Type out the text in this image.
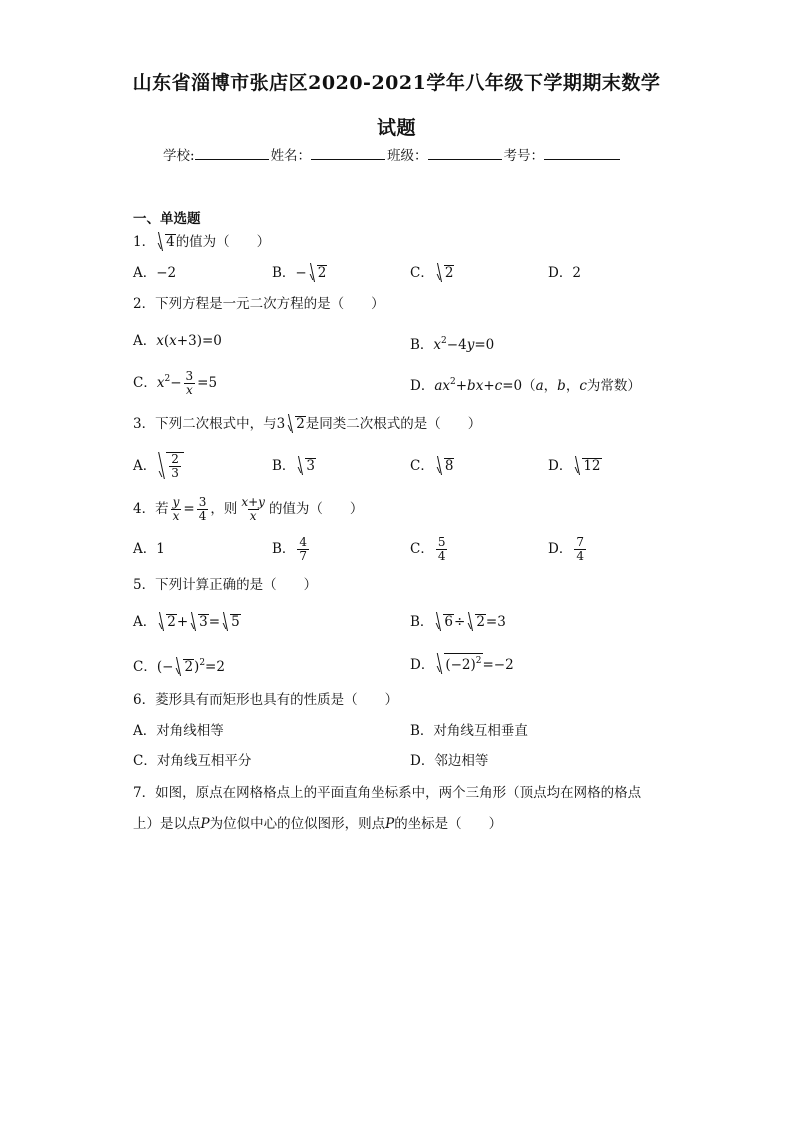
山东省淄博市张店区2020-2021学年八年级下学期期末数学
试题
学校:	姓名：	班级：	考号：
一、单选题
1． 4的值为（　　）
A．−2	B．− 2	C． 2	D．2
2．下列方程是一元二次方程的是（　　）
A．x(x+3)=0	B．$x^2-4y=0$
C．$x^2- \frac{3}{x} =5$	D．$ax^2+bx+c=0(a$，b，c为常数）
3．下列二次根式中，与3 2是同类二次根式的是（　　）
A． $\frac{2}{3}$	B． 3	C． 8	D． 12
4．若 $\frac{y}{x} = \frac{3}{4}$ ，则 $\frac{x+y}{x}$ 的值为（　　）
A．1	B． $\frac{4}{7}$	C． $\frac{5}{4}$	D． $\frac{7}{4}$
5．下列计算正确的是（　　）
A． 2+ 3= 5	B． 6÷ 2=3
C．(− 2)$^2$=2	D． $(-2)^2=-2$
6．菱形具有而矩形也具有的性质是（　　）
A．对角线相等	B．对角线互相垂直
C．对角线互相平分	D．邻边相等
7．如图，原点在网格格点上的平面直角坐标系中，两个三角形（顶点均在网格的格点
上）是以点P为位似中心的位似图形，则点P的坐标是（　　）
